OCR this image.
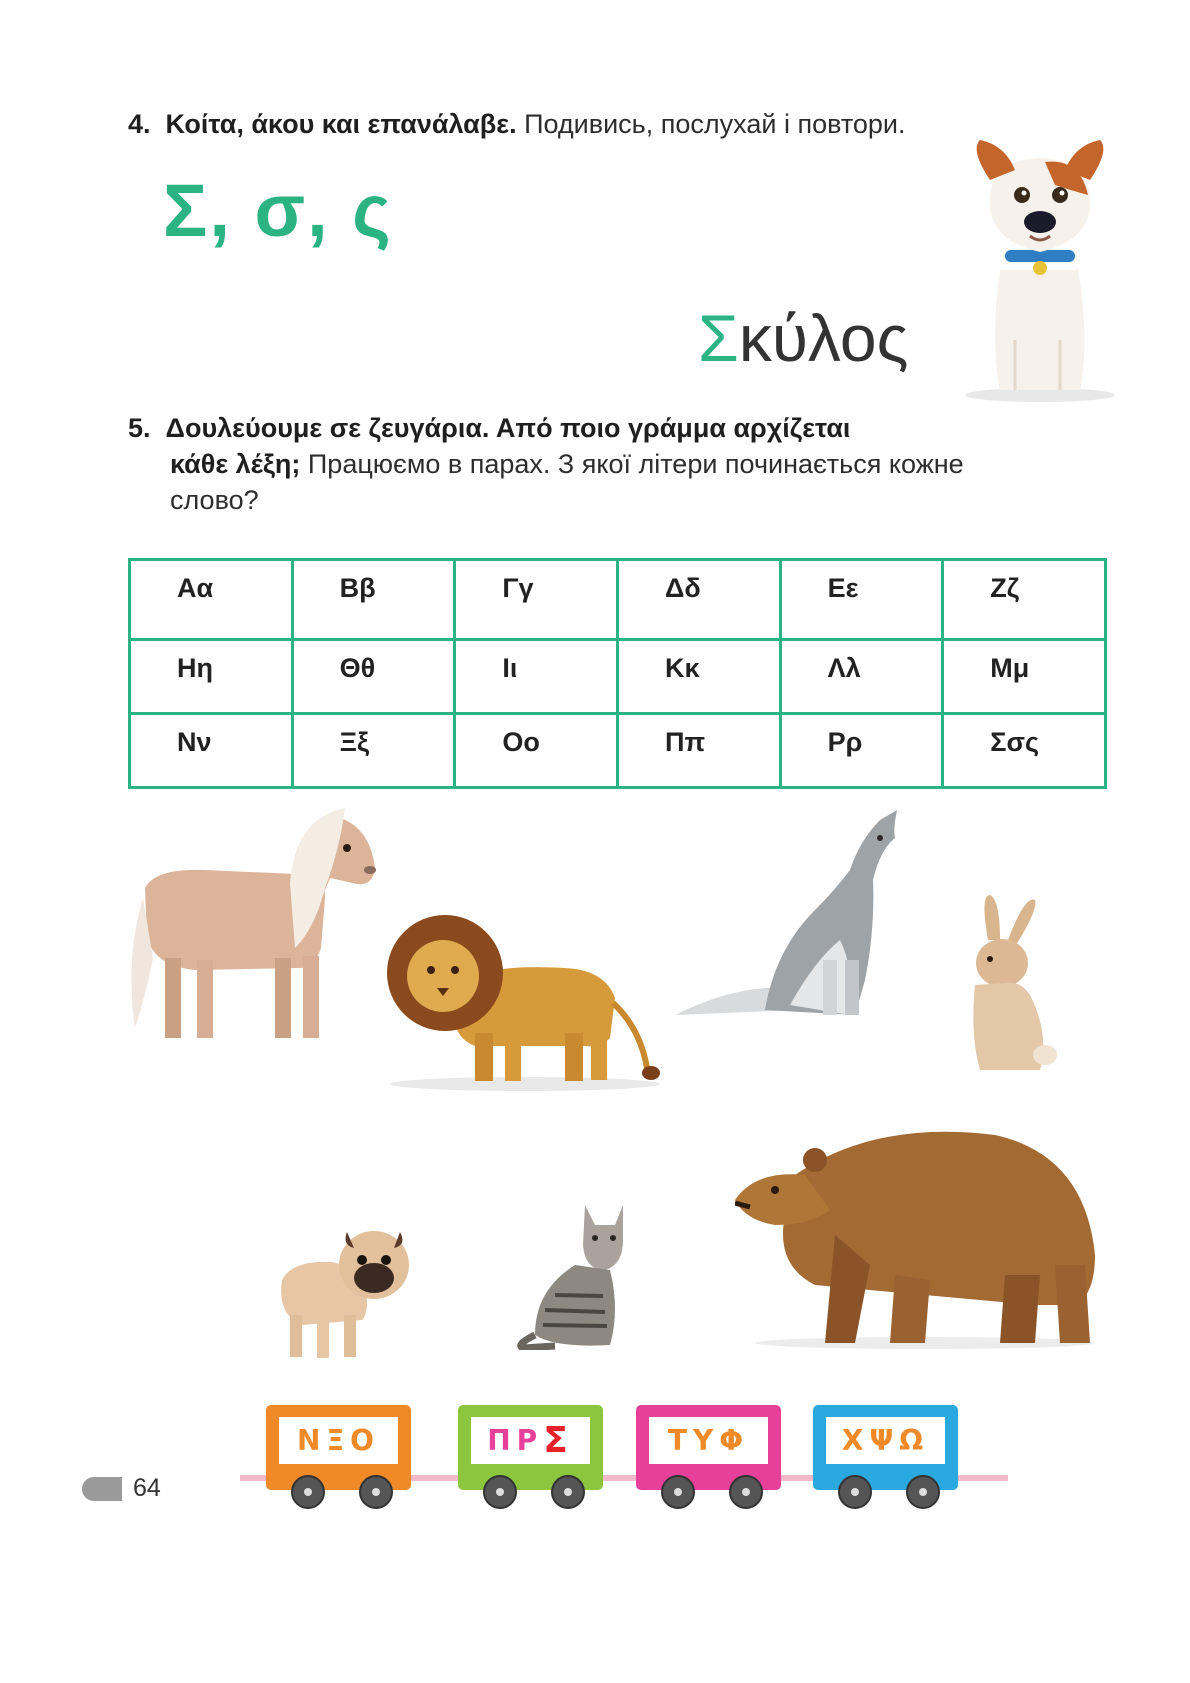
4. Κοίτα, άκου και επανάλαβε. Подивись, послухай і повтори.
Σ, σ, ς
Σκύλος
5. Δουλεύουμε σε ζευγάρια. Από ποιο γράμμα αρχίζεται
κάθε λέξη; Працюємо в парах. З якої літери починається кожне
слово?
Αα	Ββ	Γγ	Δδ	Εε	Ζζ
Ηη	Θθ	Ιι	Κκ	Λλ	Μμ
Νν	Ξξ	Οο	Ππ	Ρρ	Σσς
ΝΞΟ	ΠΡ Σ	ΤΥΦ	ΧΨΩ
64
